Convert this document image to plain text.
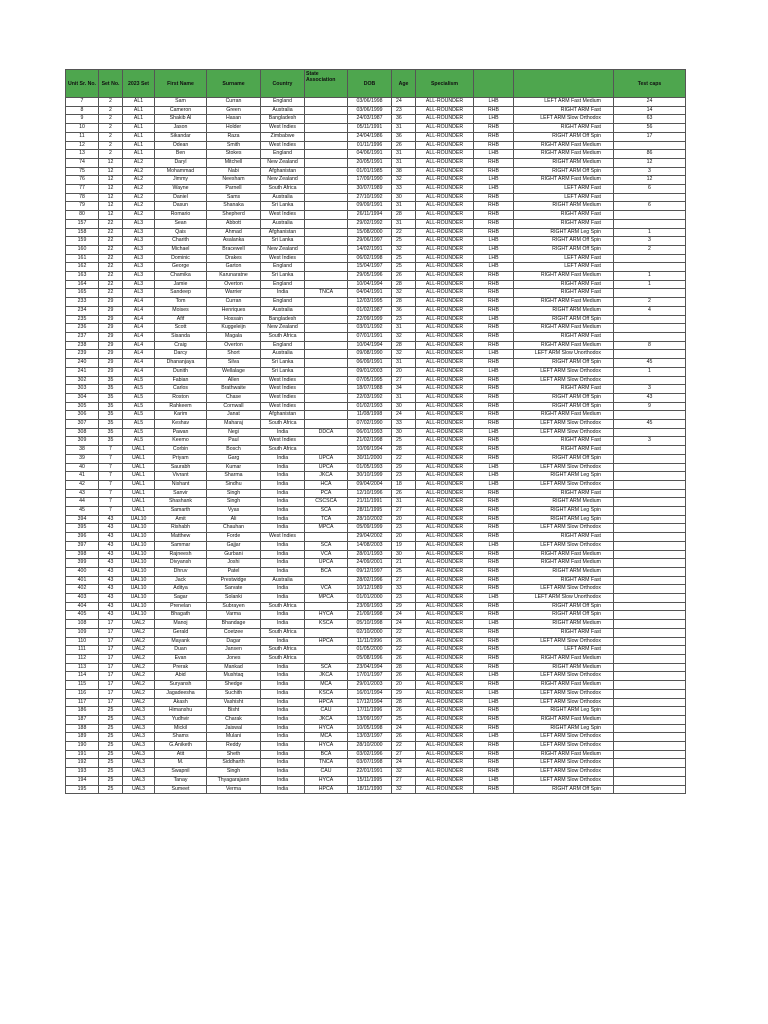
Unit Sr. No.	Set No.	2023 Set	First Name	Surname	Country	State Association	DOB	Age	Specialism			Test caps
7	2	AL1	Sam	Curran	England		03/06/1998	24	ALL-ROUNDER	LHB	LEFT ARM Fast Medium	24
8	2	AL1	Cameron	Green	Australia		03/06/1999	23	ALL-ROUNDER	RHB	RIGHT ARM Fast	14
9	2	AL1	Shakib Al	Hasan	Bangladesh		24/03/1987	36	ALL-ROUNDER	LHB	LEFT ARM Slow Orthodox	63
10	2	AL1	Jason	Holder	West Indies		05/11/1991	31	ALL-ROUNDER	RHB	RIGHT ARM Fast	56
11	2	AL1	Sikandar	Raza	Zimbabwe		24/04/1986	36	ALL-ROUNDER	RHB	RIGHT ARM Off Spin	17
12	2	AL1	Odean	Smith	West Indies		01/11/1996	26	ALL-ROUNDER	RHB	RIGHT ARM Fast Medium	
13	2	AL1	Ben	Stokes	England		04/06/1991	31	ALL-ROUNDER	LHB	RIGHT ARM Fast Medium	86
74	12	AL2	Daryl	Mitchell	New Zealand		20/05/1991	31	ALL-ROUNDER	RHB	RIGHT ARM Medium	12
75	12	AL2	Mohammad	Nabi	Afghanistan		01/01/1985	38	ALL-ROUNDER	RHB	RIGHT ARM Off Spin	3
76	12	AL2	Jimmy	Neesham	New Zealand		17/09/1990	32	ALL-ROUNDER	LHB	RIGHT ARM Fast Medium	12
77	12	AL2	Wayne	Parnell	South Africa		30/07/1989	33	ALL-ROUNDER	LHB	LEFT ARM Fast	6
78	12	AL2	Daniel	Sams	Australia		27/10/1992	30	ALL-ROUNDER	RHB	LEFT ARM Fast	
79	12	AL2	Dasun	Shanaka	Sri Lanka		09/09/1991	31	ALL-ROUNDER	RHB	RIGHT ARM Medium	6
80	12	AL2	Romario	Shepherd	West Indies		26/11/1994	28	ALL-ROUNDER	RHB	RIGHT ARM Fast	
157	22	AL3	Sean	Abbott	Australia		29/02/1992	31	ALL-ROUNDER	RHB	RIGHT ARM Fast	
158	22	AL3	Qais	Ahmad	Afghanistan		15/08/2000	22	ALL-ROUNDER	RHB	RIGHT ARM Leg Spin	1
159	22	AL3	Charith	Asalanka	Sri Lanka		29/06/1997	25	ALL-ROUNDER	LHB	RIGHT ARM Off Spin	3
160	22	AL3	Michael	Bracewell	New Zealand		14/02/1991	32	ALL-ROUNDER	LHB	RIGHT ARM Off Spin	2
161	22	AL3	Dominic	Drakes	West Indies		06/02/1998	25	ALL-ROUNDER	LHB	LEFT ARM Fast	
162	22	AL3	George	Garton	England		15/04/1997	25	ALL-ROUNDER	LHB	LEFT ARM Fast	
163	22	AL3	Chamika	Karunaratne	Sri Lanka		29/05/1996	26	ALL-ROUNDER	RHB	RIGHT ARM Fast Medium	1
164	22	AL3	Jamie	Overton	England		10/04/1994	28	ALL-ROUNDER	RHB	RIGHT ARM Fast	1
165	22	AL3	Sandeep	Warrier	India	TNCA	04/04/1991	32	ALL-ROUNDER	RHB	RIGHT ARM Fast	
233	29	AL4	Tom	Curran	England		12/03/1995	28	ALL-ROUNDER	RHB	RIGHT ARM Fast Medium	2
234	29	AL4	Moises	Henriques	Australia		01/02/1987	36	ALL-ROUNDER	RHB	RIGHT ARM Medium	4
235	29	AL4	Afif	Hossain	Bangladesh		22/09/1999	23	ALL-ROUNDER	LHB	RIGHT ARM Off Spin	
236	29	AL4	Scott	Kuggeleijn	New Zealand		03/01/1992	31	ALL-ROUNDER	RHB	RIGHT ARM Fast Medium	
237	29	AL4	Sisanda	Magala	South Africa		07/01/1991	32	ALL-ROUNDER	RHB	RIGHT ARM Fast	
238	29	AL4	Craig	Overton	England		10/04/1994	28	ALL-ROUNDER	RHB	RIGHT ARM Fast Medium	8
239	29	AL4	Darcy	Short	Australia		09/08/1990	32	ALL-ROUNDER	LHB	LEFT ARM Slow Unorthodox	
240	29	AL4	Dhananjaya	Silva	Sri Lanka		06/09/1991	31	ALL-ROUNDER	RHB	RIGHT ARM Off Spin	45
241	29	AL4	Dunith	Wellalage	Sri Lanka		09/01/2003	20	ALL-ROUNDER	LHB	LEFT ARM Slow Orthodox	1
302	35	AL5	Fabian	Allen	West Indies		07/05/1995	27	ALL-ROUNDER	RHB	LEFT ARM Slow Orthodox	
303	35	AL5	Carlos	Brathwaite	West Indies		18/07/1988	34	ALL-ROUNDER	RHB	RIGHT ARM Fast	3
304	35	AL5	Roston	Chase	West Indies		22/03/1992	31	ALL-ROUNDER	RHB	RIGHT ARM Off Spin	43
305	35	AL5	Rahkeem	Cornwall	West Indies		01/02/1993	30	ALL-ROUNDER	RHB	RIGHT ARM Off Spin	9
306	35	AL5	Karim	Janat	Afghanistan		11/08/1998	24	ALL-ROUNDER	RHB	RIGHT ARM Fast Medium	
307	35	AL5	Keshav	Maharaj	South Africa		07/02/1990	33	ALL-ROUNDER	RHB	LEFT ARM Slow Orthodox	45
308	35	AL5	Pawan	Negi	India	DDCA	06/01/1993	30	ALL-ROUNDER	LHB	LEFT ARM Slow Orthodox	
309	35	AL5	Keemo	Paul	West Indies		21/02/1998	25	ALL-ROUNDER	RHB	RIGHT ARM Fast	3
38	7	UAL1	Corbin	Bosch	South Africa		10/09/1994	28	ALL-ROUNDER	RHB	RIGHT ARM Fast	
39	7	UAL1	Priyam	Garg	India	UPCA	30/11/2000	22	ALL-ROUNDER	RHB	RIGHT ARM Off Spin	
40	7	UAL1	Saurabh	Kumar	India	UPCA	01/05/1993	29	ALL-ROUNDER	LHB	LEFT ARM Slow Orthodox	
41	7	UAL1	Vivrant	Sharma	India	JKCA	30/10/1999	23	ALL-ROUNDER	LHB	RIGHT ARM Leg Spin	
42	7	UAL1	Nishant	Sindhu	India	HCA	09/04/2004	18	ALL-ROUNDER	LHB	LEFT ARM Slow Orthodox	
43	7	UAL1	Sanvir	Singh	India	PCA	12/10/1996	26	ALL-ROUNDER	RHB	RIGHT ARM Fast	
44	7	UAL1	Shashank	Singh	India	CSCSCA	21/11/1991	31	ALL-ROUNDER	RHB	RIGHT ARM Medium	
45	7	UAL1	Samarth	Vyas	India	SCA	28/11/1995	27	ALL-ROUNDER	RHB	RIGHT ARM Leg Spin	
394	43	UAL10	Amit	Ali	India	TCA	28/10/2002	20	ALL-ROUNDER	RHB	RIGHT ARM Leg Spin	
395	43	UAL10	Rishabh	Chauhan	India	MPCA	05/09/1999	23	ALL-ROUNDER	RHB	LEFT ARM Slow Orthodox	
396	43	UAL10	Matthew	Forde	West Indies		29/04/2002	20	ALL-ROUNDER	RHB	RIGHT ARM Fast	
397	43	UAL10	Sammar	Gajjar	India	SCA	14/08/2003	19	ALL-ROUNDER	LHB	LEFT ARM Slow Orthodox	
398	43	UAL10	Rajneesh	Gurbani	India	VCA	28/01/1993	30	ALL-ROUNDER	RHB	RIGHT ARM Fast Medium	
399	43	UAL10	Divyansh	Joshi	India	UPCA	24/09/2001	21	ALL-ROUNDER	RHB	RIGHT ARM Fast Medium	
400	43	UAL10	Dhruv	Patel	India	BCA	09/12/1997	25	ALL-ROUNDER	RHB	RIGHT ARM Medium	
401	43	UAL10	Jack	Prestwidge	Australia		28/02/1996	27	ALL-ROUNDER	RHB	RIGHT ARM Fast	
402	43	UAL10	Aditya	Sarvate	India	VCA	10/12/1989	33	ALL-ROUNDER	RHB	LEFT ARM Slow Orthodox	
403	43	UAL10	Sagar	Solanki	India	MPCA	01/01/2000	23	ALL-ROUNDER	LHB	LEFT ARM Slow Unorthodox	
404	43	UAL10	Prenelan	Subrayen	South Africa		23/09/1993	29	ALL-ROUNDER	RHB	RIGHT ARM Off Spin	
405	43	UAL10	Bhagath	Varma	India	HYCA	21/09/1998	24	ALL-ROUNDER	RHB	RIGHT ARM Off Spin	
108	17	UAL2	Manoj	Bhandage	India	KSCA	05/10/1998	24	ALL-ROUNDER	LHB	RIGHT ARM Medium	
109	17	UAL2	Gerald	Coetzee	South Africa		02/10/2000	22	ALL-ROUNDER	RHB	RIGHT ARM Fast	
110	17	UAL2	Mayank	Dagar	India	HPCA	11/11/1996	26	ALL-ROUNDER	RHB	LEFT ARM Slow Orthodox	
111	17	UAL2	Duan	Jansen	South Africa		01/05/2000	22	ALL-ROUNDER	RHB	LEFT ARM Fast	
112	17	UAL2	Evan	Jones	South Africa		05/08/1996	26	ALL-ROUNDER	RHB	RIGHT ARM Fast Medium	
113	17	UAL2	Prerak	Mankad	India	SCA	23/04/1994	28	ALL-ROUNDER	RHB	RIGHT ARM Medium	
114	17	UAL2	Abid	Mushtaq	India	JKCA	17/01/1997	26	ALL-ROUNDER	LHB	LEFT ARM Slow Orthodox	
115	17	UAL2	Suryansh	Shedge	India	MCA	29/01/2003	20	ALL-ROUNDER	RHB	RIGHT ARM Fast Medium	
116	17	UAL2	Jagadeesha	Suchith	India	KSCA	16/01/1994	29	ALL-ROUNDER	LHB	LEFT ARM Slow Orthodox	
117	17	UAL2	Akash	Vashisht	India	HPCA	17/12/1994	28	ALL-ROUNDER	LHB	LEFT ARM Slow Orthodox	
186	25	UAL3	Himanshu	Bisht	India	CAU	17/11/1996	26	ALL-ROUNDER	RHB	RIGHT ARM Leg Spin	
187	25	UAL3	Yudhvir	Charak	India	JKCA	13/09/1997	25	ALL-ROUNDER	RHB	RIGHT ARM Fast Medium	
188	25	UAL3	Mickil	Jaiswal	India	HYCA	10/05/1998	24	ALL-ROUNDER	RHB	RIGHT ARM Leg Spin	
189	25	UAL3	Shams	Mulani	India	MCA	13/03/1997	26	ALL-ROUNDER	LHB	LEFT ARM Slow Orthodox	
190	25	UAL3	G.Aniketh	Reddy	India	HYCA	28/10/2000	22	ALL-ROUNDER	RHB	LEFT ARM Slow Orthodox	
191	25	UAL3	Atit	Sheth	India	BCA	03/02/1996	27	ALL-ROUNDER	RHB	RIGHT ARM Fast Medium	
192	25	UAL3	M.	Siddharth	India	TNCA	03/07/1998	24	ALL-ROUNDER	RHB	LEFT ARM Slow Orthodox	
193	25	UAL3	Swapnil	Singh	India	CAU	22/01/1991	32	ALL-ROUNDER	RHB	LEFT ARM Slow Orthodox	
194	25	UAL3	Tanay	Thyagarajann	India	HYCA	15/11/1995	27	ALL-ROUNDER	LHB	LEFT ARM Slow Orthodox	
195	25	UAL3	Sumeet	Verma	India	HPCA	18/11/1990	32	ALL-ROUNDER	RHB	RIGHT ARM Off Spin	
